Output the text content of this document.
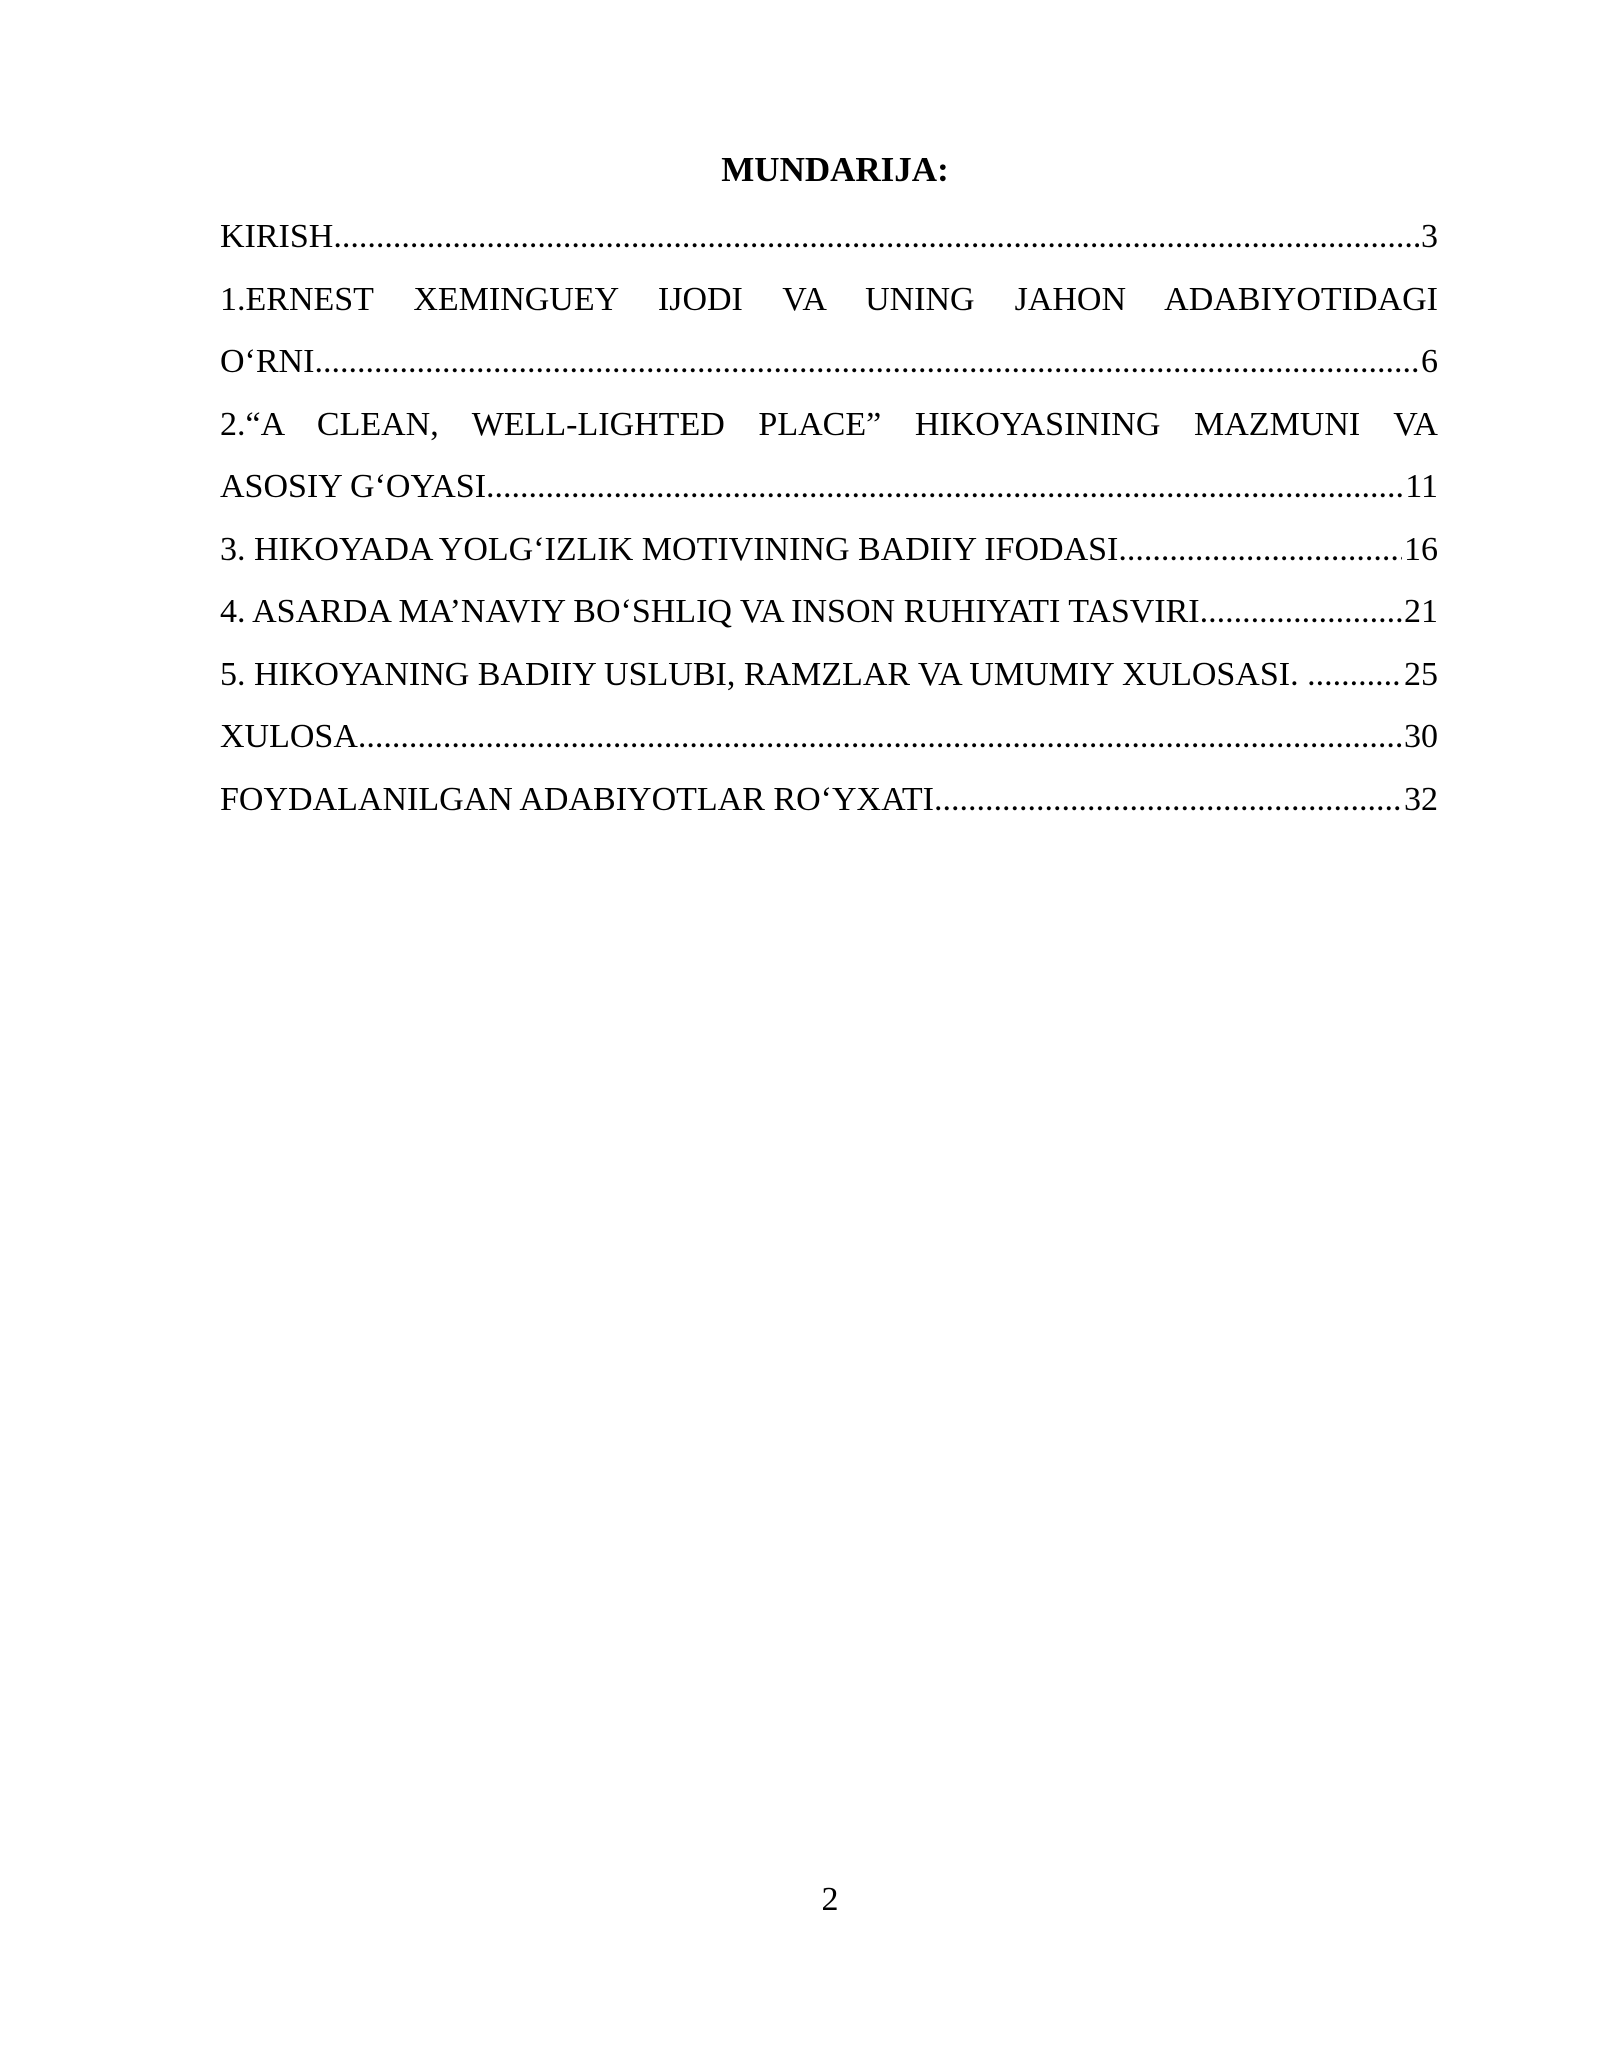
MUNDARIJA:
KIRISH .....	3
1.ERNEST XEMINGUEY IJODI VA UNING JAHON ADABIYOTIDAGI
O‘RNI .....	6
2.“A CLEAN, WELL-LIGHTED PLACE” HIKOYASINING MAZMUNI VA
ASOSIY G‘OYASI .....	11
3. HIKOYADA YOLG‘IZLIK MOTIVINING BADIIY IFODASI .....	16
4. ASARDA MA’NAVIY BO‘SHLIQ VA INSON RUHIYATI TASVIRI .....	21
5. HIKOYANING BADIIY USLUBI, RAMZLAR VA UMUMIY XULOSASI. .....	25
XULOSA .....	30
FOYDALANILGAN ADABIYOTLAR RO‘YXATI .....	32
2
